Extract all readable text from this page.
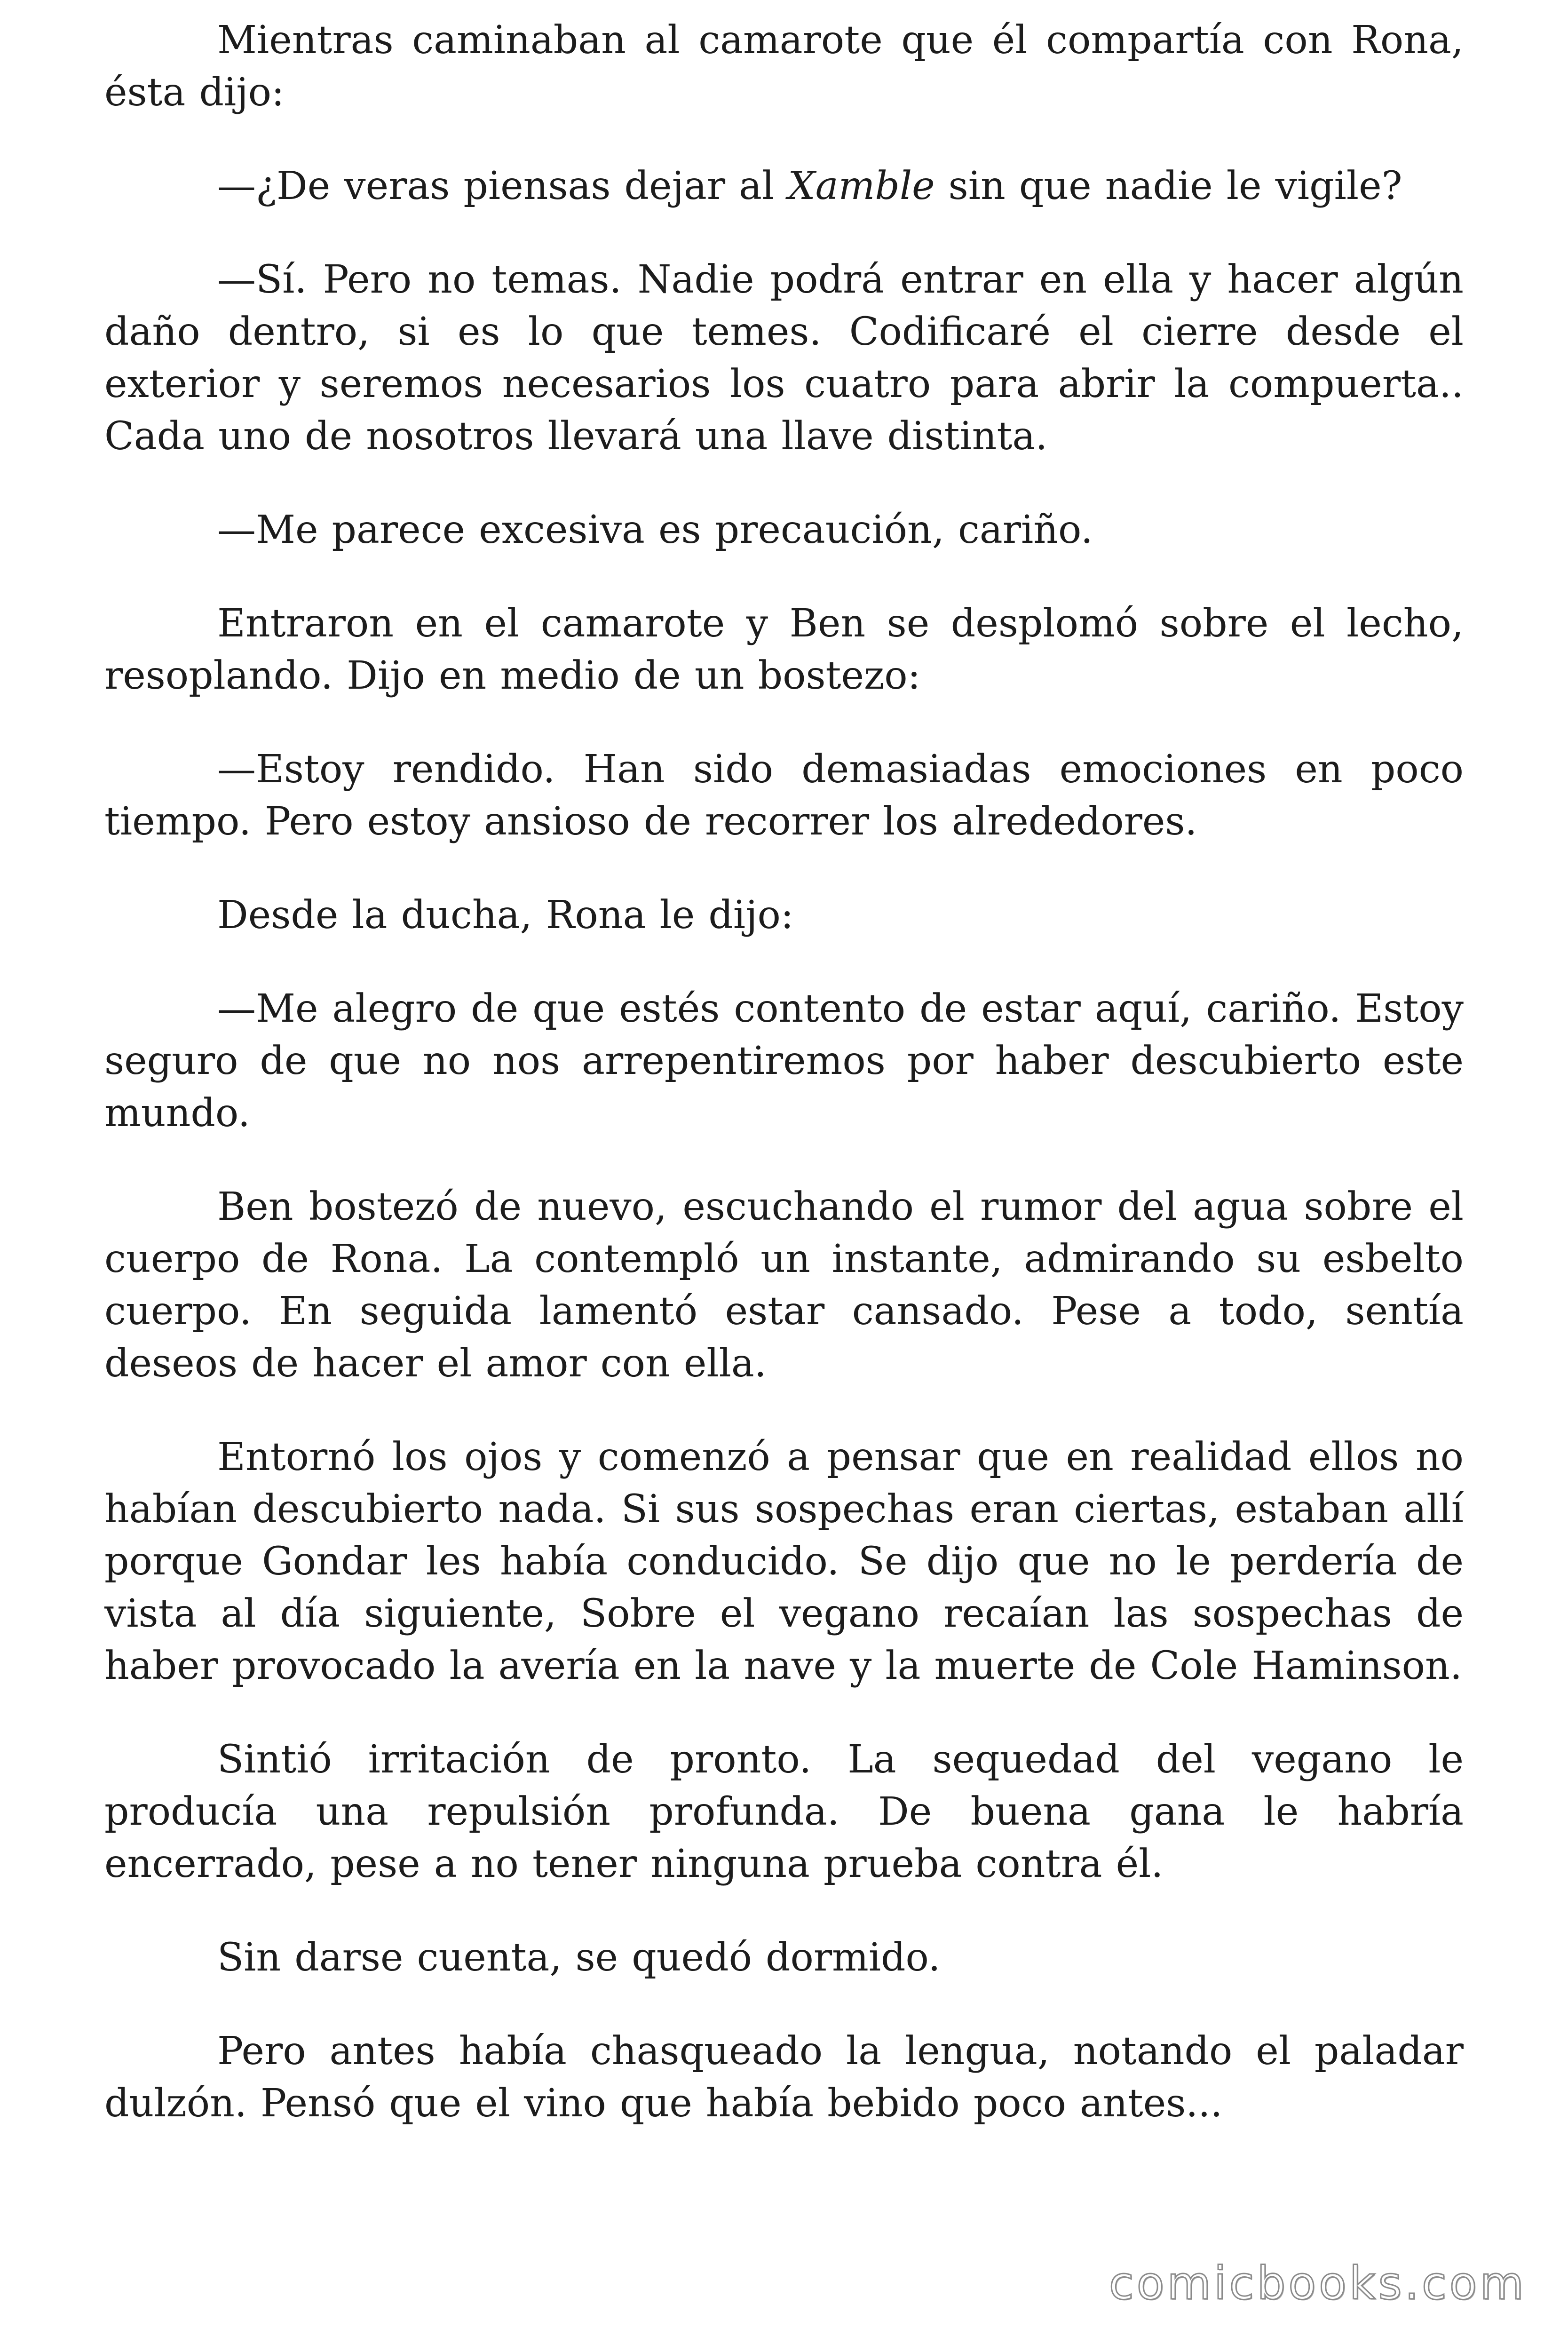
Mientras caminaban al camarote que él compartía con Rona, ésta dijo:

—¿De veras piensas dejar al Xamble sin que nadie le vigile?

—Sí. Pero no temas. Nadie podrá entrar en ella y hacer algún daño dentro, si es lo que temes. Codificaré el cierre desde el exterior y seremos necesarios los cuatro para abrir la compuerta.. Cada uno de nosotros llevará una llave distinta.

—Me parece excesiva es precaución, cariño.

Entraron en el camarote y Ben se desplomó sobre el lecho, resoplando. Dijo en medio de un bostezo:

—Estoy rendido. Han sido demasiadas emociones en poco tiempo. Pero estoy ansioso de recorrer los alrededores.

Desde la ducha, Rona le dijo:

—Me alegro de que estés contento de estar aquí, cariño. Estoy seguro de que no nos arrepentiremos por haber descubierto este mundo.

Ben bostezó de nuevo, escuchando el rumor del agua sobre el cuerpo de Rona. La contempló un instante, admirando su esbelto cuerpo. En seguida lamentó estar cansado. Pese a todo, sentía deseos de hacer el amor con ella.

Entornó los ojos y comenzó a pensar que en realidad ellos no habían descubierto nada. Si sus sospechas eran ciertas, estaban allí porque Gondar les había conducido. Se dijo que no le perdería de vista al día siguiente, Sobre el vegano recaían las sospechas de haber provocado la avería en la nave y la muerte de Cole Haminson.

Sintió irritación de pronto. La sequedad del vegano le producía una repulsión profunda. De buena gana le habría encerrado, pese a no tener ninguna prueba contra él.

Sin darse cuenta, se quedó dormido.

Pero antes había chasqueado la lengua, notando el paladar dulzón. Pensó que el vino que había bebido poco antes...

comicbooks.com
